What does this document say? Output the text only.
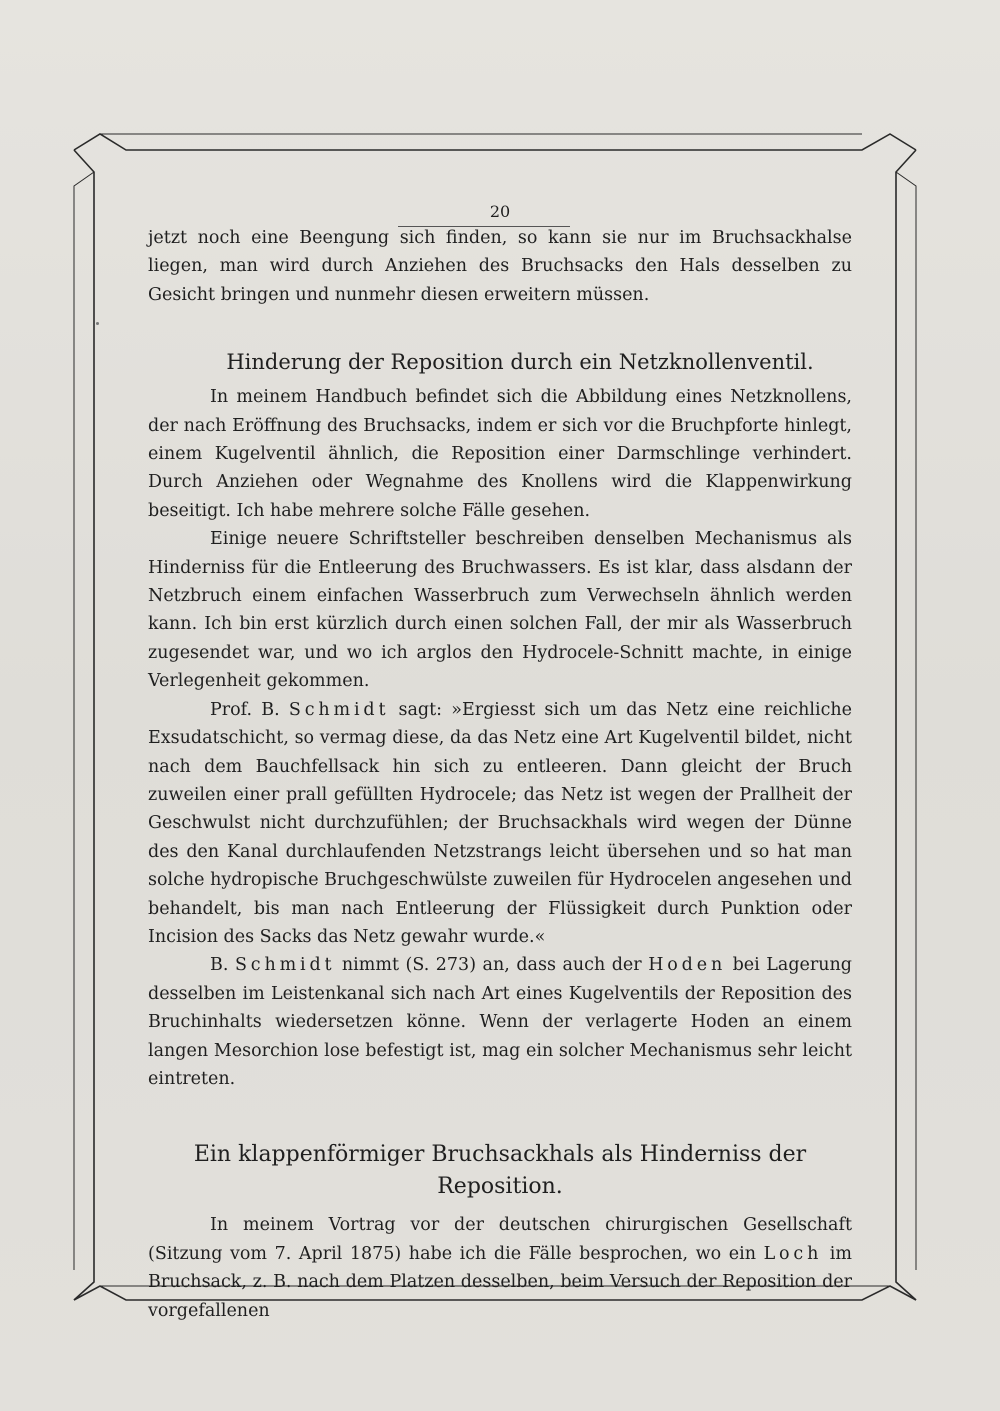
20

jetzt noch eine Beengung sich finden, so kann sie nur im Bruchsackhalse liegen, man wird durch Anziehen des Bruchsacks den Hals desselben zu Gesicht bringen und nunmehr diesen erweitern müssen.

Hinderung der Reposition durch ein Netzknollenventil.

In meinem Handbuch befindet sich die Abbildung eines Netzknollens, der nach Eröffnung des Bruchsacks, indem er sich vor die Bruchpforte hinlegt, einem Kugelventil ähnlich, die Reposition einer Darmschlinge verhindert. Durch Anziehen oder Wegnahme des Knollens wird die Klappenwirkung beseitigt. Ich habe mehrere solche Fälle gesehen.

Einige neuere Schriftsteller beschreiben denselben Mechanismus als Hinderniss für die Entleerung des Bruchwassers. Es ist klar, dass alsdann der Netzbruch einem einfachen Wasserbruch zum Verwechseln ähnlich werden kann. Ich bin erst kürzlich durch einen solchen Fall, der mir als Wasserbruch zugesendet war, und wo ich arglos den Hydrocele-Schnitt machte, in einige Verlegenheit gekommen.

Prof. B. Schmidt sagt: »Ergiesst sich um das Netz eine reichliche Exsudatschicht, so vermag diese, da das Netz eine Art Kugelventil bildet, nicht nach dem Bauchfellsack hin sich zu entleeren. Dann gleicht der Bruch zuweilen einer prall gefüllten Hydrocele; das Netz ist wegen der Prallheit der Geschwulst nicht durchzufühlen; der Bruchsackhals wird wegen der Dünne des den Kanal durchlaufenden Netzstrangs leicht übersehen und so hat man solche hydropische Bruchgeschwülste zuweilen für Hydrocelen angesehen und behandelt, bis man nach Entleerung der Flüssigkeit durch Punktion oder Incision des Sacks das Netz gewahr wurde.«

B. Schmidt nimmt (S. 273) an, dass auch der Hoden bei Lagerung desselben im Leistenkanal sich nach Art eines Kugelventils der Reposition des Bruchinhalts wiedersetzen könne. Wenn der verlagerte Hoden an einem langen Mesorchion lose befestigt ist, mag ein solcher Mechanismus sehr leicht eintreten.

Ein klappenförmiger Bruchsackhals als Hinderniss der Reposition.

In meinem Vortrag vor der deutschen chirurgischen Gesellschaft (Sitzung vom 7. April 1875) habe ich die Fälle besprochen, wo ein Loch im Bruchsack, z. B. nach dem Platzen desselben, beim Versuch der Reposition der vorgefallenen
